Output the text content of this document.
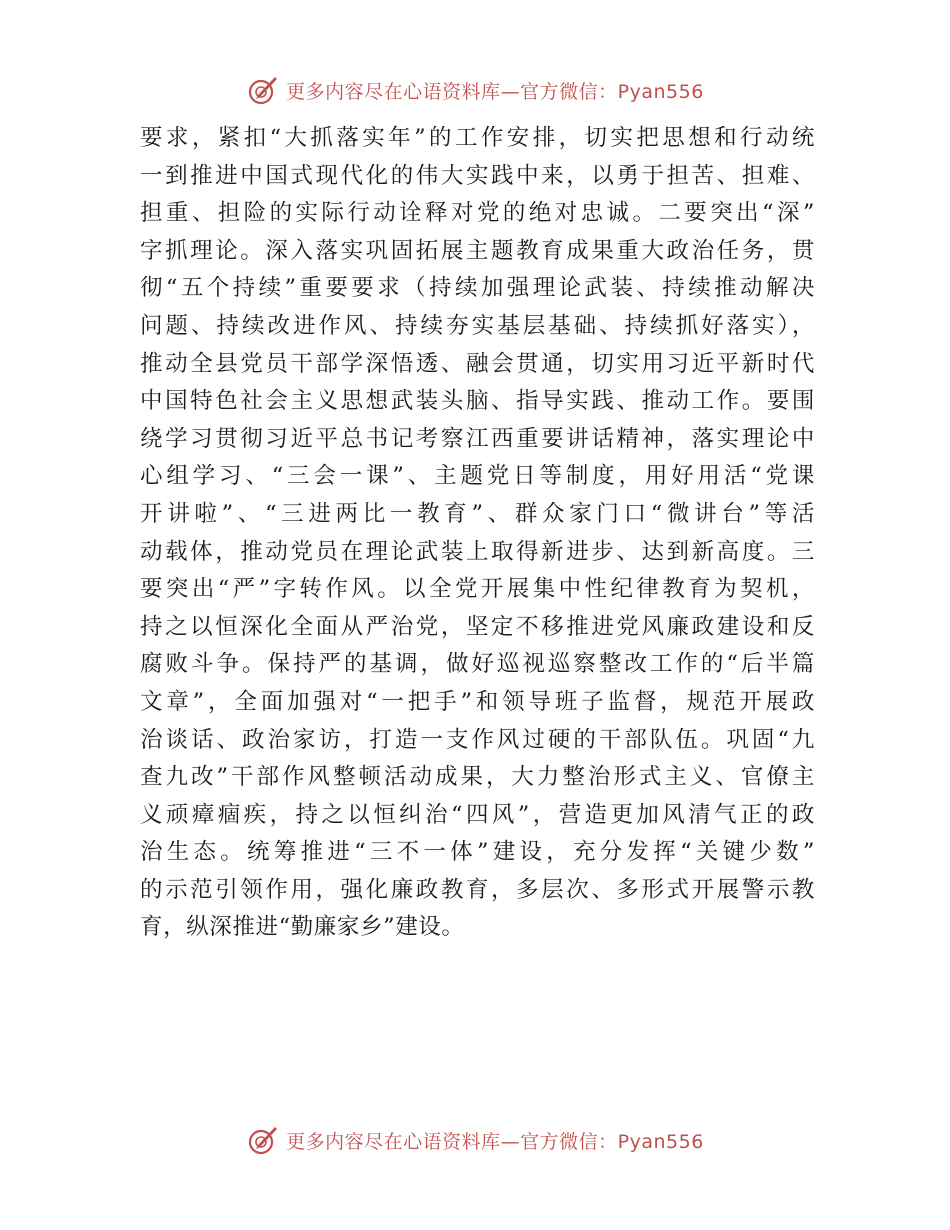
更多内容尽在心语资料库—官方微信：Pyan556
要求，紧扣“大抓落实年”的工作安排，切实把思想和行动统
一到推进中国式现代化的伟大实践中来，以勇于担苦、担难、
担重、担险的实际行动诠释对党的绝对忠诚。二要突出“深”
字抓理论。深入落实巩固拓展主题教育成果重大政治任务，贯
彻“五个持续”重要要求（持续加强理论武装、持续推动解决
问题、持续改进作风、持续夯实基层基础、持续抓好落实），
推动全县党员干部学深悟透、融会贯通，切实用习近平新时代
中国特色社会主义思想武装头脑、指导实践、推动工作。要围
绕学习贯彻习近平总书记考察江西重要讲话精神，落实理论中
心组学习、“三会一课”、主题党日等制度，用好用活“党课
开讲啦”、“三进两比一教育”、群众家门口“微讲台”等活
动载体，推动党员在理论武装上取得新进步、达到新高度。三
要突出“严”字转作风。以全党开展集中性纪律教育为契机，
持之以恒深化全面从严治党，坚定不移推进党风廉政建设和反
腐败斗争。保持严的基调，做好巡视巡察整改工作的“后半篇
文章”，全面加强对“一把手”和领导班子监督，规范开展政
治谈话、政治家访，打造一支作风过硬的干部队伍。巩固“九
查九改”干部作风整顿活动成果，大力整治形式主义、官僚主
义顽瘴痼疾，持之以恒纠治“四风”，营造更加风清气正的政
治生态。统筹推进“三不一体”建设，充分发挥“关键少数”
的示范引领作用，强化廉政教育，多层次、多形式开展警示教
育，纵深推进“勤廉家乡”建设。
更多内容尽在心语资料库—官方微信：Pyan556
